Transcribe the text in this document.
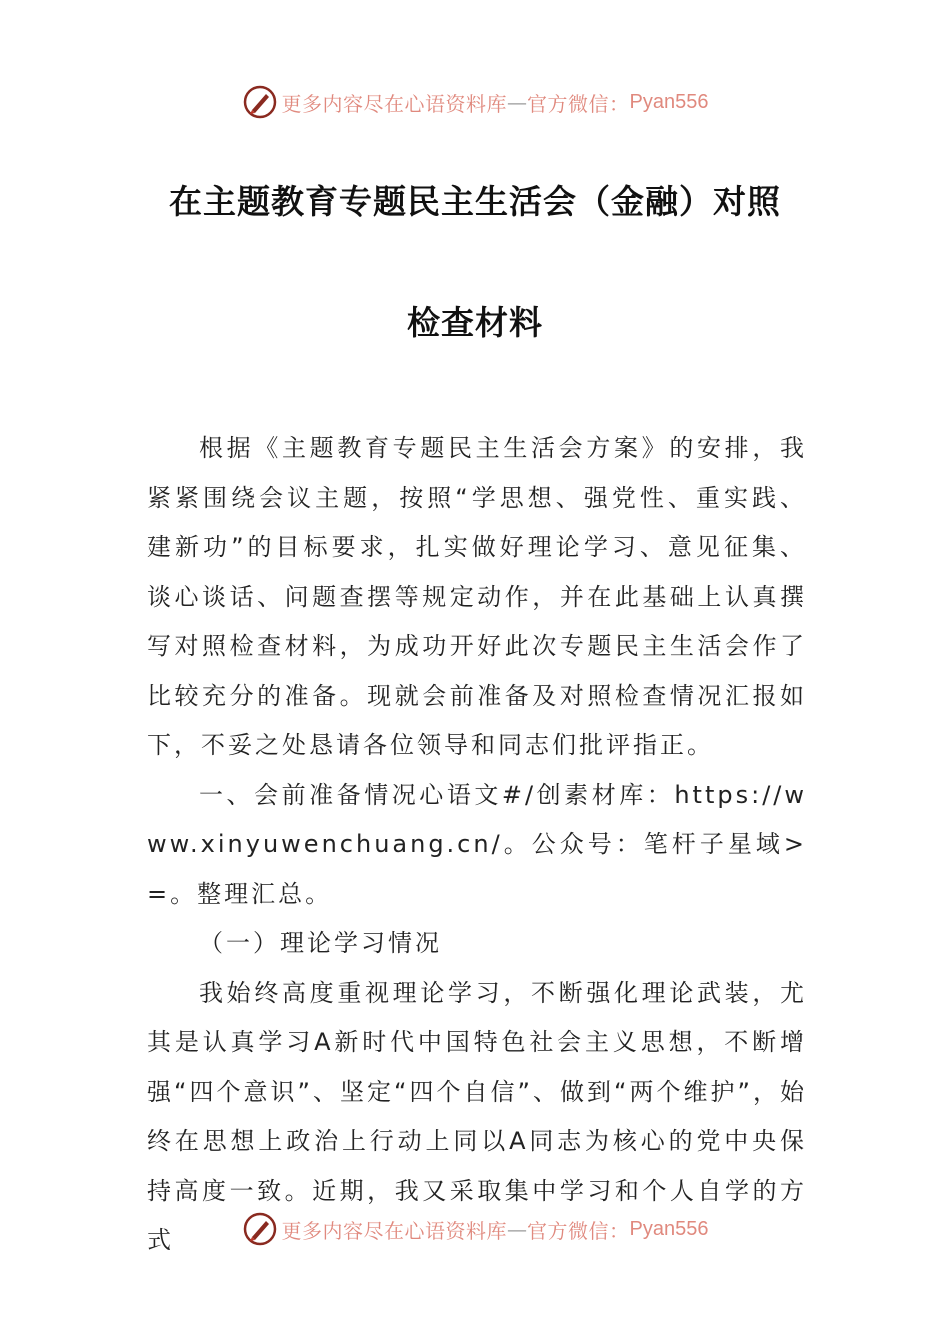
更多内容尽在心语资料库 — 官方微信： Pyan556
在主题教育专题民主生活会（金融）对照
检查材料

根据《主题教育专题民主生活会方案》的安排，我紧紧围绕会议主题，按照“学思想、强党性、重实践、建新功”的目标要求，扎实做好理论学习、意见征集、谈心谈话、问题查摆等规定动作，并在此基础上认真撰写对照检查材料，为成功开好此次专题民主生活会作了比较充分的准备。现就会前准备及对照检查情况汇报如下，不妥之处恳请各位领导和同志们批评指正。

一、会前准备情况心语文#/创素材库：https://www.xinyuwenchuang.cn/。公众号：笔杆子星域>=。整理汇总。

（一）理论学习情况

我始终高度重视理论学习，不断强化理论武装，尤其是认真学习A新时代中国特色社会主义思想，不断增强“四个意识”、坚定“四个自信”、做到“两个维护”，始终在思想上政治上行动上同以A同志为核心的党中央保持高度一致。近期，我又采取集中学习和个人自学的方式	更多内容尽在心语资料库 — 官方微信： Pyan556
